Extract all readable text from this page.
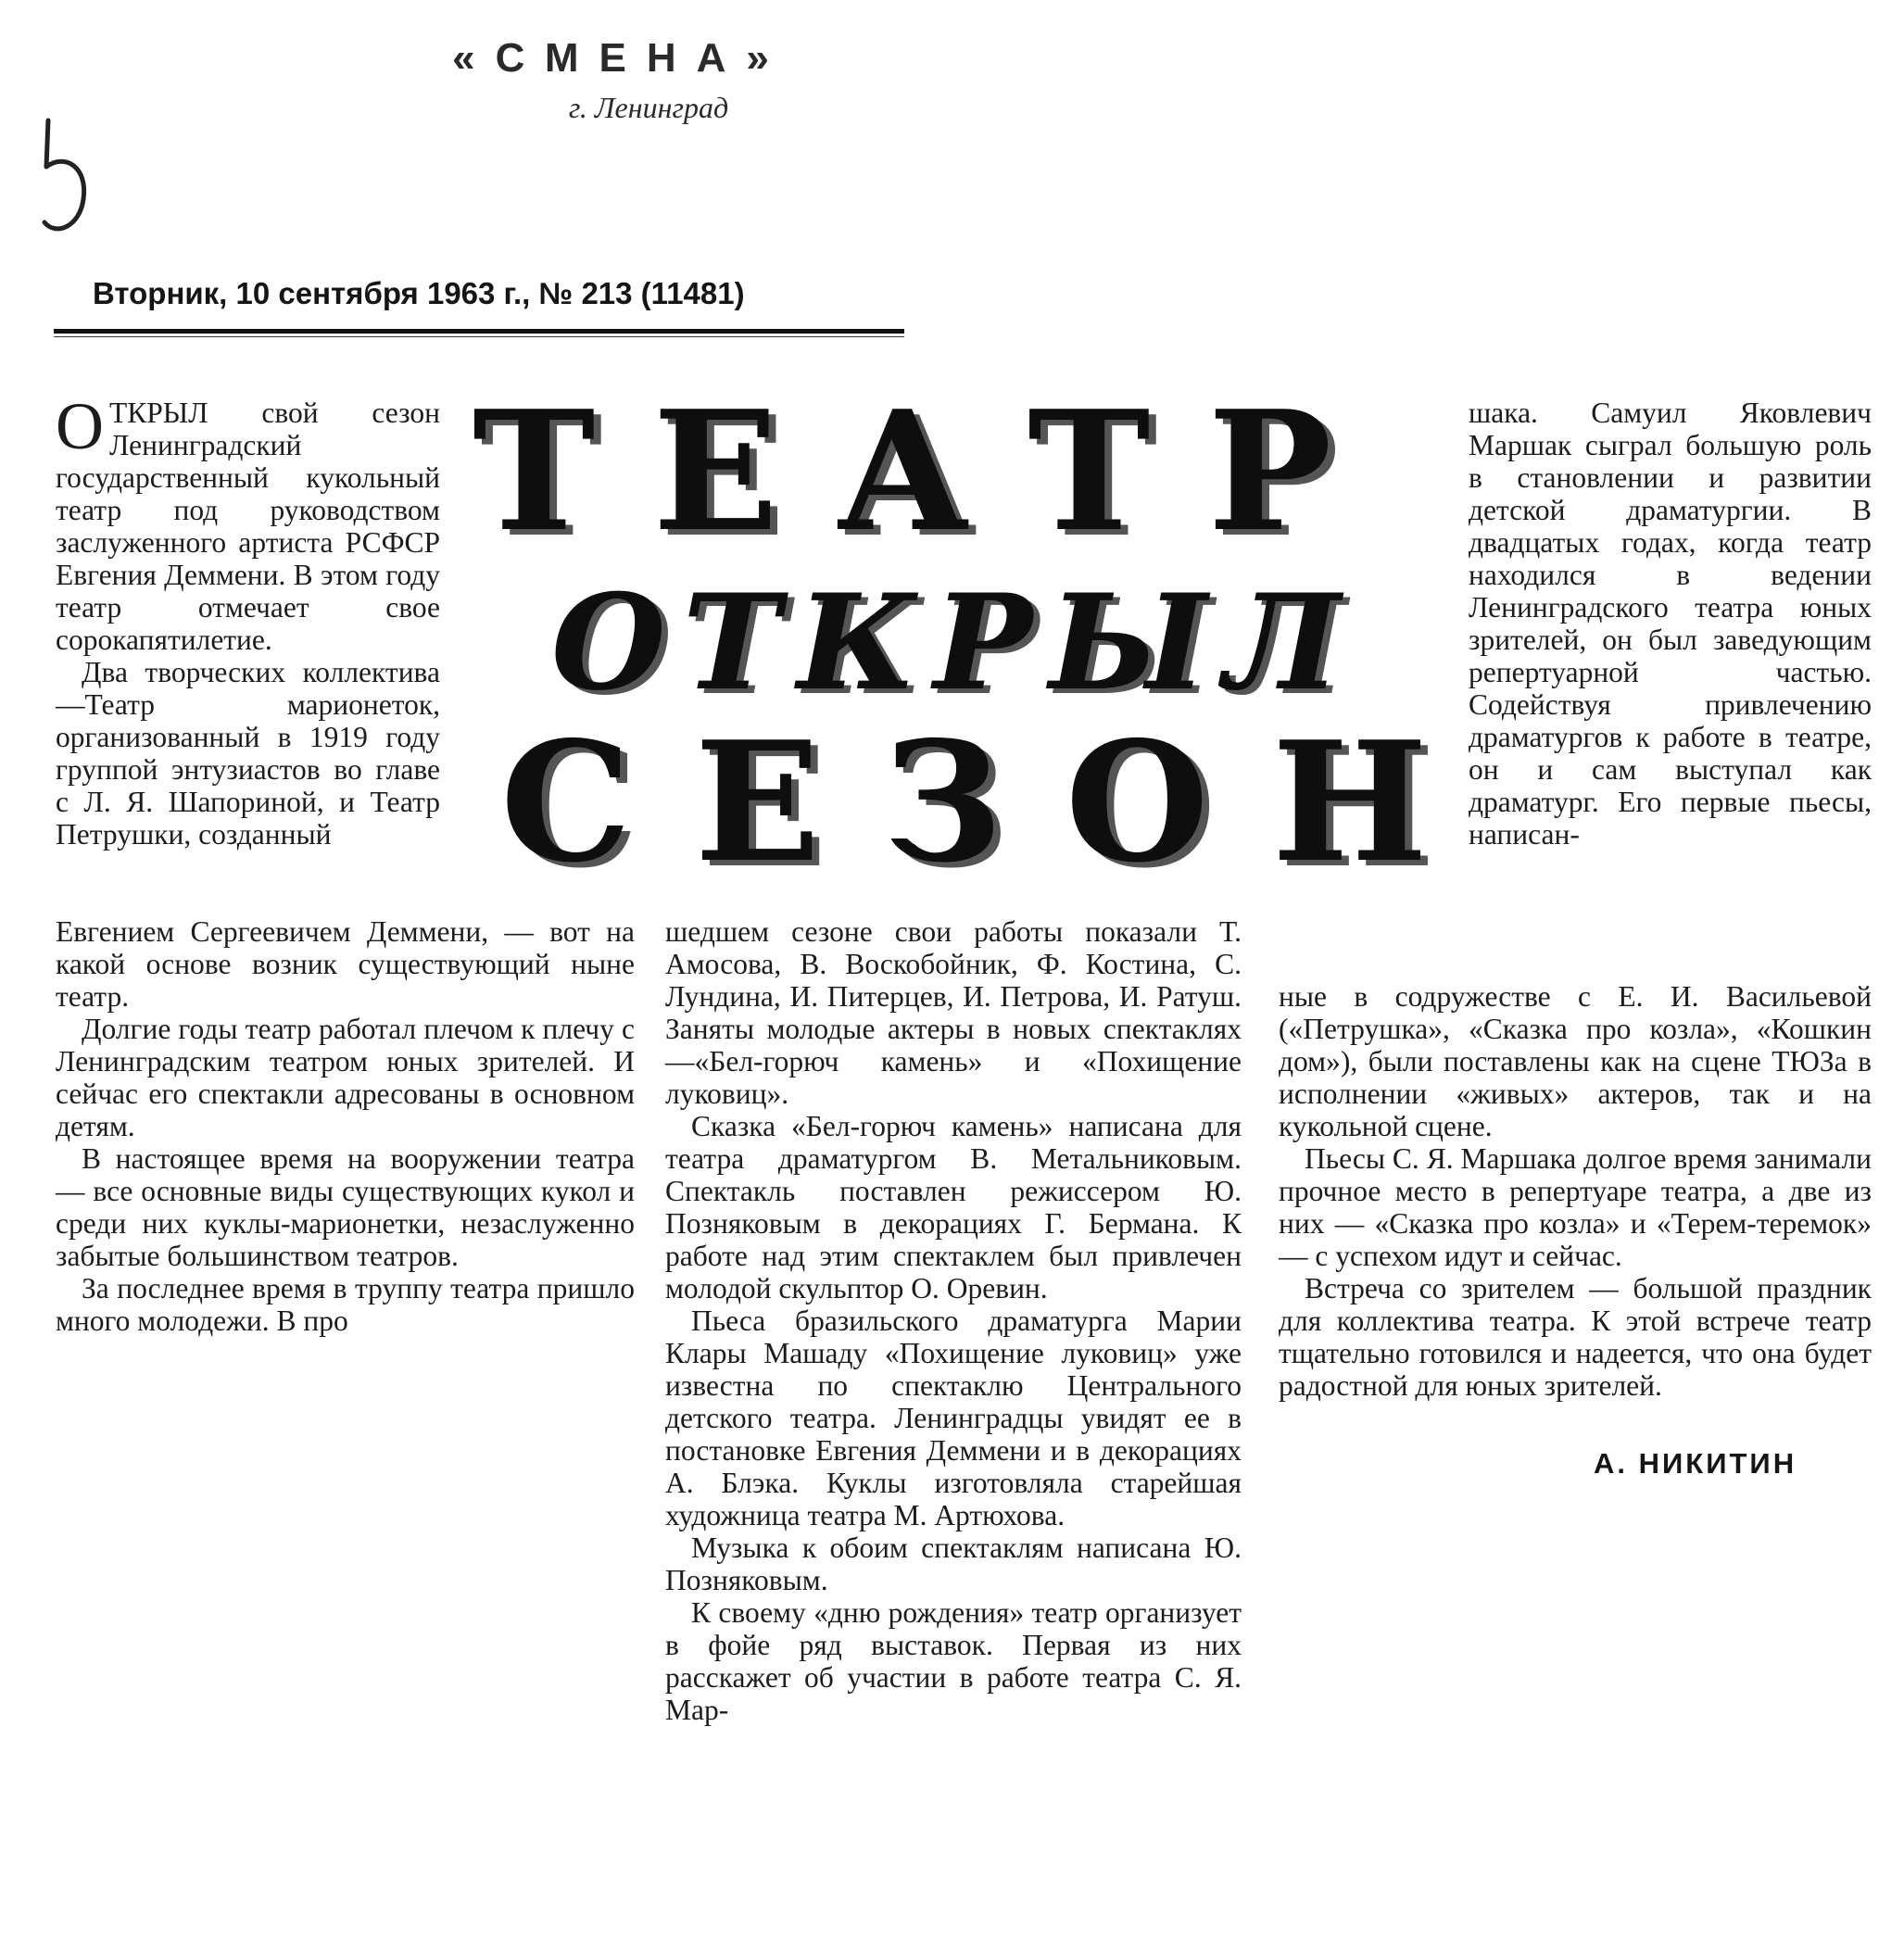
«СМЕНА»
г. Ленинград
Вторник, 10 сентября 1963 г., № 213 (11481)
ТЕАТР
ОТКРЫЛ
СЕЗОН

ОТКРЫЛ свой сезон Ленинградский государственный кукольный театр под руководством заслуженного артиста РСФСР Евгения Деммени. В этом году театр отмечает свое сорокапятилетие.

Два творческих коллектива—Театр марионеток, организованный в 1919 году группой энтузиастов во главе с Л. Я. Шапориной, и Театр Петрушки, созданный

Евгением Сергеевичем Деммени, — вот на какой основе возник существующий ныне театр.

Долгие годы театр работал плечом к плечу с Ленинградским театром юных зрителей. И сейчас его спектакли адресованы в основном детям.

В настоящее время на вооружении театра — все основные виды существующих кукол и среди них куклы-марионетки, незаслуженно забытые большинством театров.

За последнее время в труппу театра пришло много молодежи. В про

шедшем сезоне свои работы показали Т. Амосова, В. Воскобойник, Ф. Костина, С. Лундина, И. Питерцев, И. Петрова, И. Ратуш. Заняты молодые актеры в новых спектаклях—«Бел-горюч камень» и «Похищение луковиц».

Сказка «Бел-горюч камень» написана для театра драматургом В. Метальниковым. Спектакль поставлен режиссером Ю. Позняковым в декорациях Г. Бермана. К работе над этим спектаклем был привлечен молодой скульптор О. Оревин.

Пьеса бразильского драматурга Марии Клары Машаду «Похищение луковиц» уже известна по спектаклю Центрального детского театра. Ленинградцы увидят ее в постановке Евгения Деммени и в декорациях А. Блэка. Куклы изготовляла старейшая художница театра М. Артюхова.

Музыка к обоим спектаклям написана Ю. Позняковым.

К своему «дню рождения» театр организует в фойе ряд выставок. Первая из них расскажет об участии в работе театра С. Я. Мар-

шака. Самуил Яковлевич Маршак сыграл большую роль в становлении и развитии детской драматургии. В двадцатых годах, когда театр находился в ведении Ленинградского театра юных зрителей, он был заведующим репертуарной частью. Содействуя привлечению драматургов к работе в театре, он и сам выступал как драматург. Его первые пьесы, написан-

ные в содружестве с Е. И. Васильевой («Петрушка», «Сказка про козла», «Кошкин дом»), были поставлены как на сцене ТЮЗа в исполнении «живых» актеров, так и на кукольной сцене.

Пьесы С. Я. Маршака долгое время занимали прочное место в репертуаре театра, а две из них — «Сказка про козла» и «Терем-теремок» — с успехом идут и сейчас.

Встреча со зрителем — большой праздник для коллектива театра. К этой встрече театр тщательно готовился и надеется, что она будет радостной для юных зрителей.

А. НИКИТИН
